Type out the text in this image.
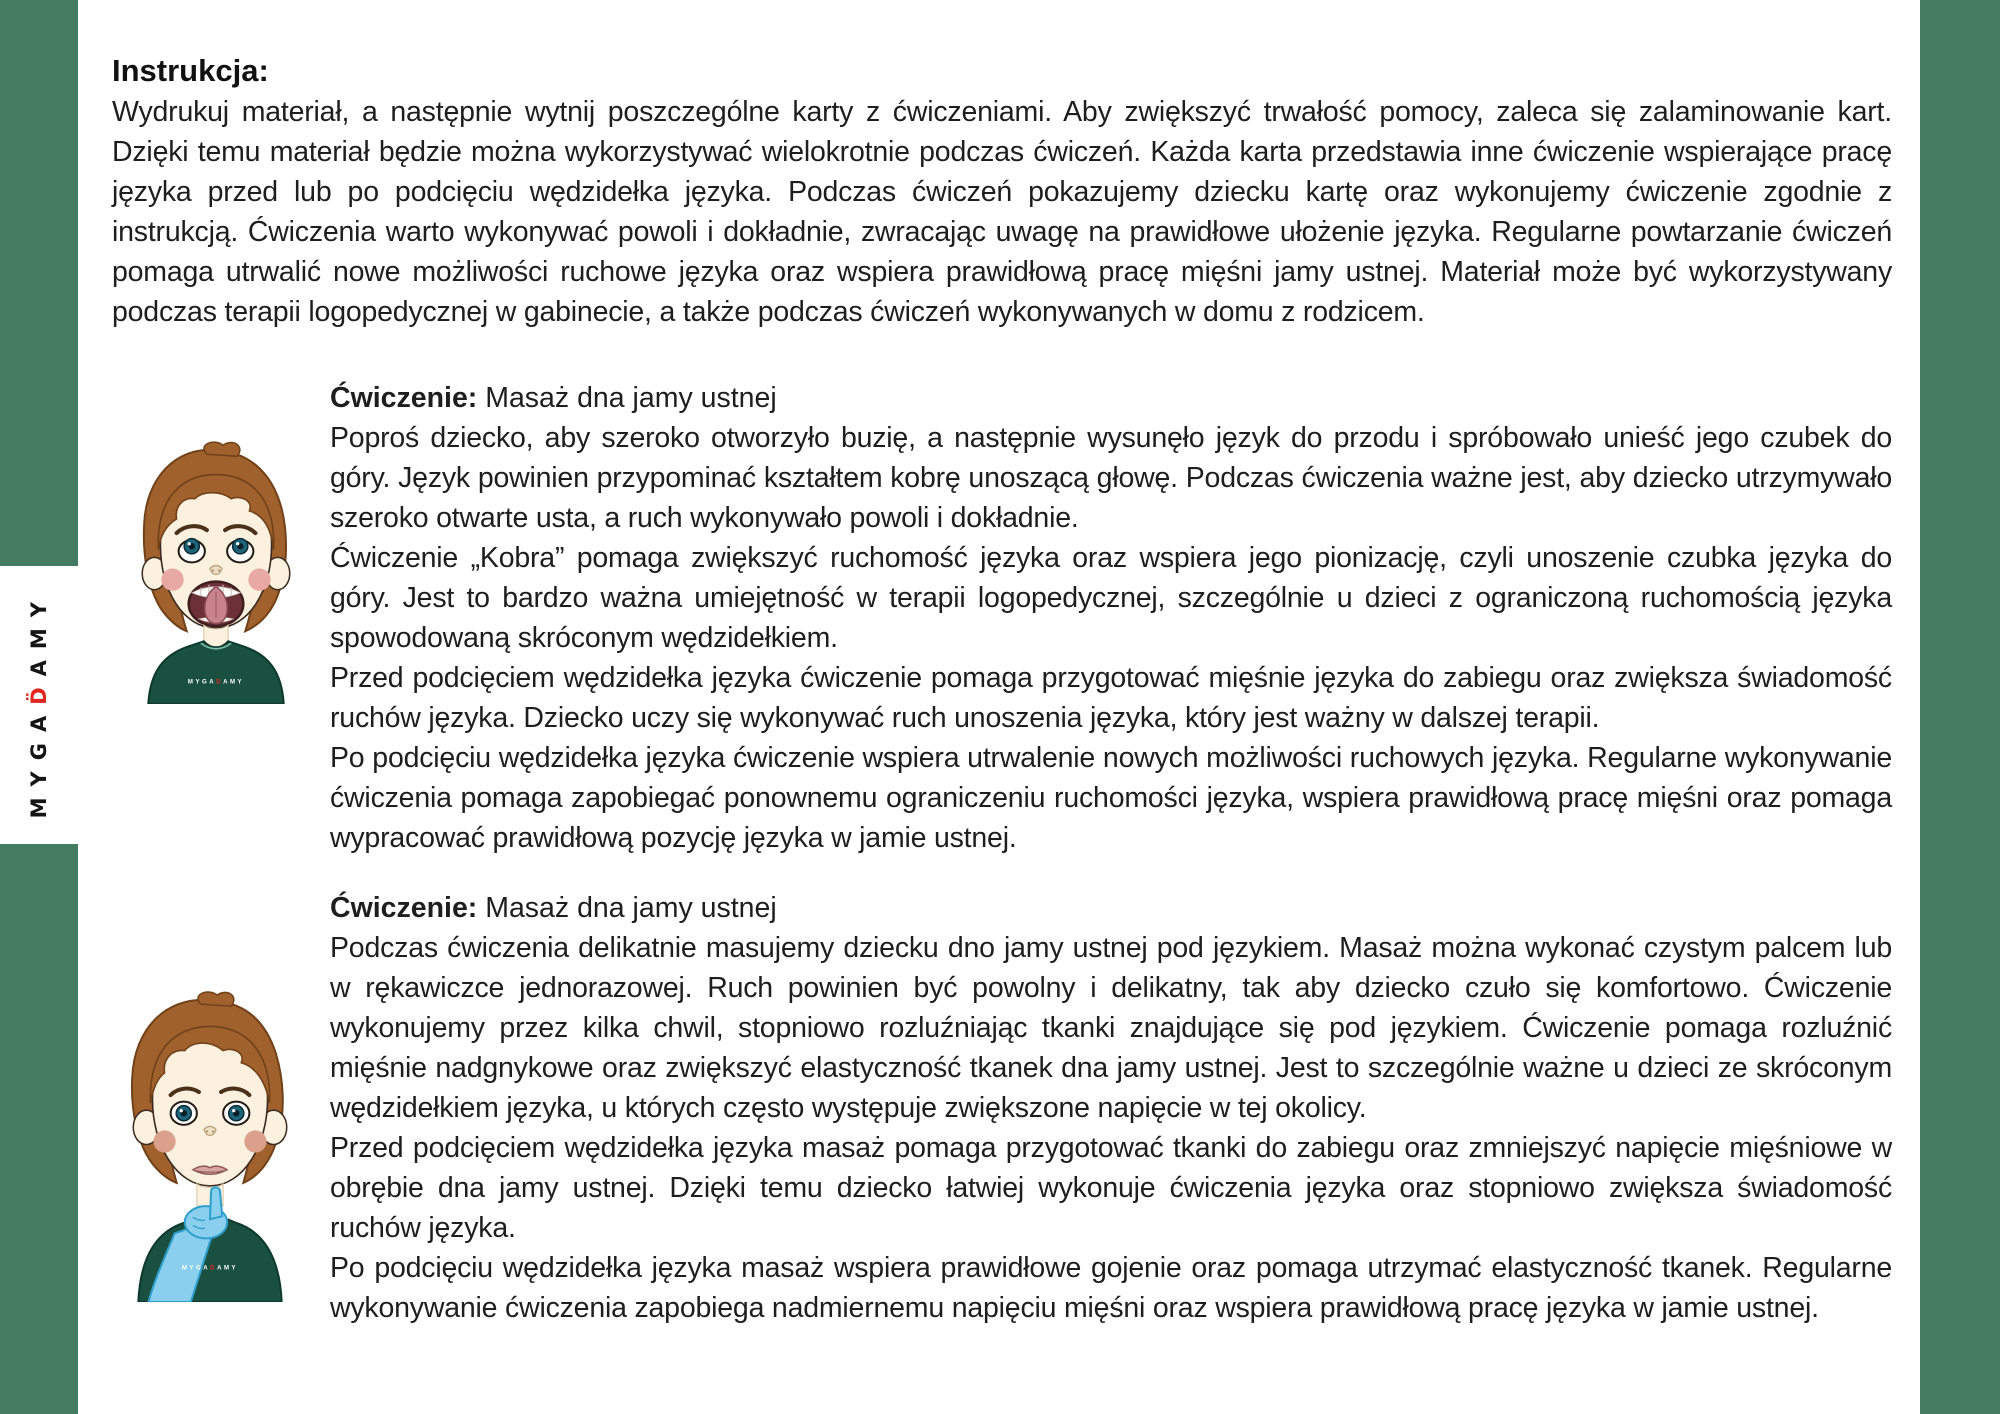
MYGAD̈AMY
Instrukcja:

Wydrukuj materiał, a następnie wytnij poszczególne karty z ćwiczeniami. Aby zwiększyć trwałość pomocy, zaleca się zalaminowanie kart. Dzięki temu materiał będzie można wykorzystywać wielokrotnie podczas ćwiczeń. Każda karta przedstawia inne ćwiczenie wspierające pracę języka przed lub po podcięciu wędzidełka języka. Podczas ćwiczeń pokazujemy dziecku kartę oraz wykonujemy ćwiczenie zgodnie z instrukcją. Ćwiczenia warto wykonywać powoli i dokładnie, zwracając uwagę na prawidłowe ułożenie języka. Regularne powtarzanie ćwiczeń pomaga utrwalić nowe możliwości ruchowe języka oraz wspiera prawidłową pracę mięśni jamy ustnej. Materiał może być wykorzystywany podczas terapii logopedycznej w gabinecie, a także podczas ćwiczeń wykonywanych w domu z rodzicem.

MYGADAMY

Ćwiczenie: Masaż dna jamy ustnej

Poproś dziecko, aby szeroko otworzyło buzię, a następnie wysunęło język do przodu i spróbowało unieść jego czubek do góry. Język powinien przypominać kształtem kobrę unoszącą głowę. Podczas ćwiczenia ważne jest, aby dziecko utrzymywało szeroko otwarte usta, a ruch wykonywało powoli i dokładnie.

Ćwiczenie „Kobra” pomaga zwiększyć ruchomość języka oraz wspiera jego pionizację, czyli unoszenie czubka języka do góry. Jest to bardzo ważna umiejętność w terapii logopedycznej, szczególnie u dzieci z ograniczoną ruchomością języka spowodowaną skróconym wędzidełkiem.

Przed podcięciem wędzidełka języka ćwiczenie pomaga przygotować mięśnie języka do zabiegu oraz zwiększa świadomość ruchów języka. Dziecko uczy się wykonywać ruch unoszenia języka, który jest ważny w dalszej terapii.

Po podcięciu wędzidełka języka ćwiczenie wspiera utrwalenie nowych możliwości ruchowych języka. Regularne wykonywanie ćwiczenia pomaga zapobiegać ponownemu ograniczeniu ruchomości języka, wspiera prawidłową pracę mięśni oraz pomaga wypracować prawidłową pozycję języka w jamie ustnej.

MYGADAMY

Ćwiczenie: Masaż dna jamy ustnej

Podczas ćwiczenia delikatnie masujemy dziecku dno jamy ustnej pod językiem. Masaż można wykonać czystym palcem lub w rękawiczce jednorazowej. Ruch powinien być powolny i delikatny, tak aby dziecko czuło się komfortowo. Ćwiczenie wykonujemy przez kilka chwil, stopniowo rozluźniając tkanki znajdujące się pod językiem. Ćwiczenie pomaga rozluźnić mięśnie nadgnykowe oraz zwiększyć elastyczność tkanek dna jamy ustnej. Jest to szczególnie ważne u dzieci ze skróconym wędzidełkiem języka, u których często występuje zwiększone napięcie w tej okolicy.

Przed podcięciem wędzidełka języka masaż pomaga przygotować tkanki do zabiegu oraz zmniejszyć napięcie mięśniowe w obrębie dna jamy ustnej. Dzięki temu dziecko łatwiej wykonuje ćwiczenia języka oraz stopniowo zwiększa świadomość ruchów języka.

Po podcięciu wędzidełka języka masaż wspiera prawidłowe gojenie oraz pomaga utrzymać elastyczność tkanek. Regularne wykonywanie ćwiczenia zapobiega nadmiernemu napięciu mięśni oraz wspiera prawidłową pracę języka w jamie ustnej.
